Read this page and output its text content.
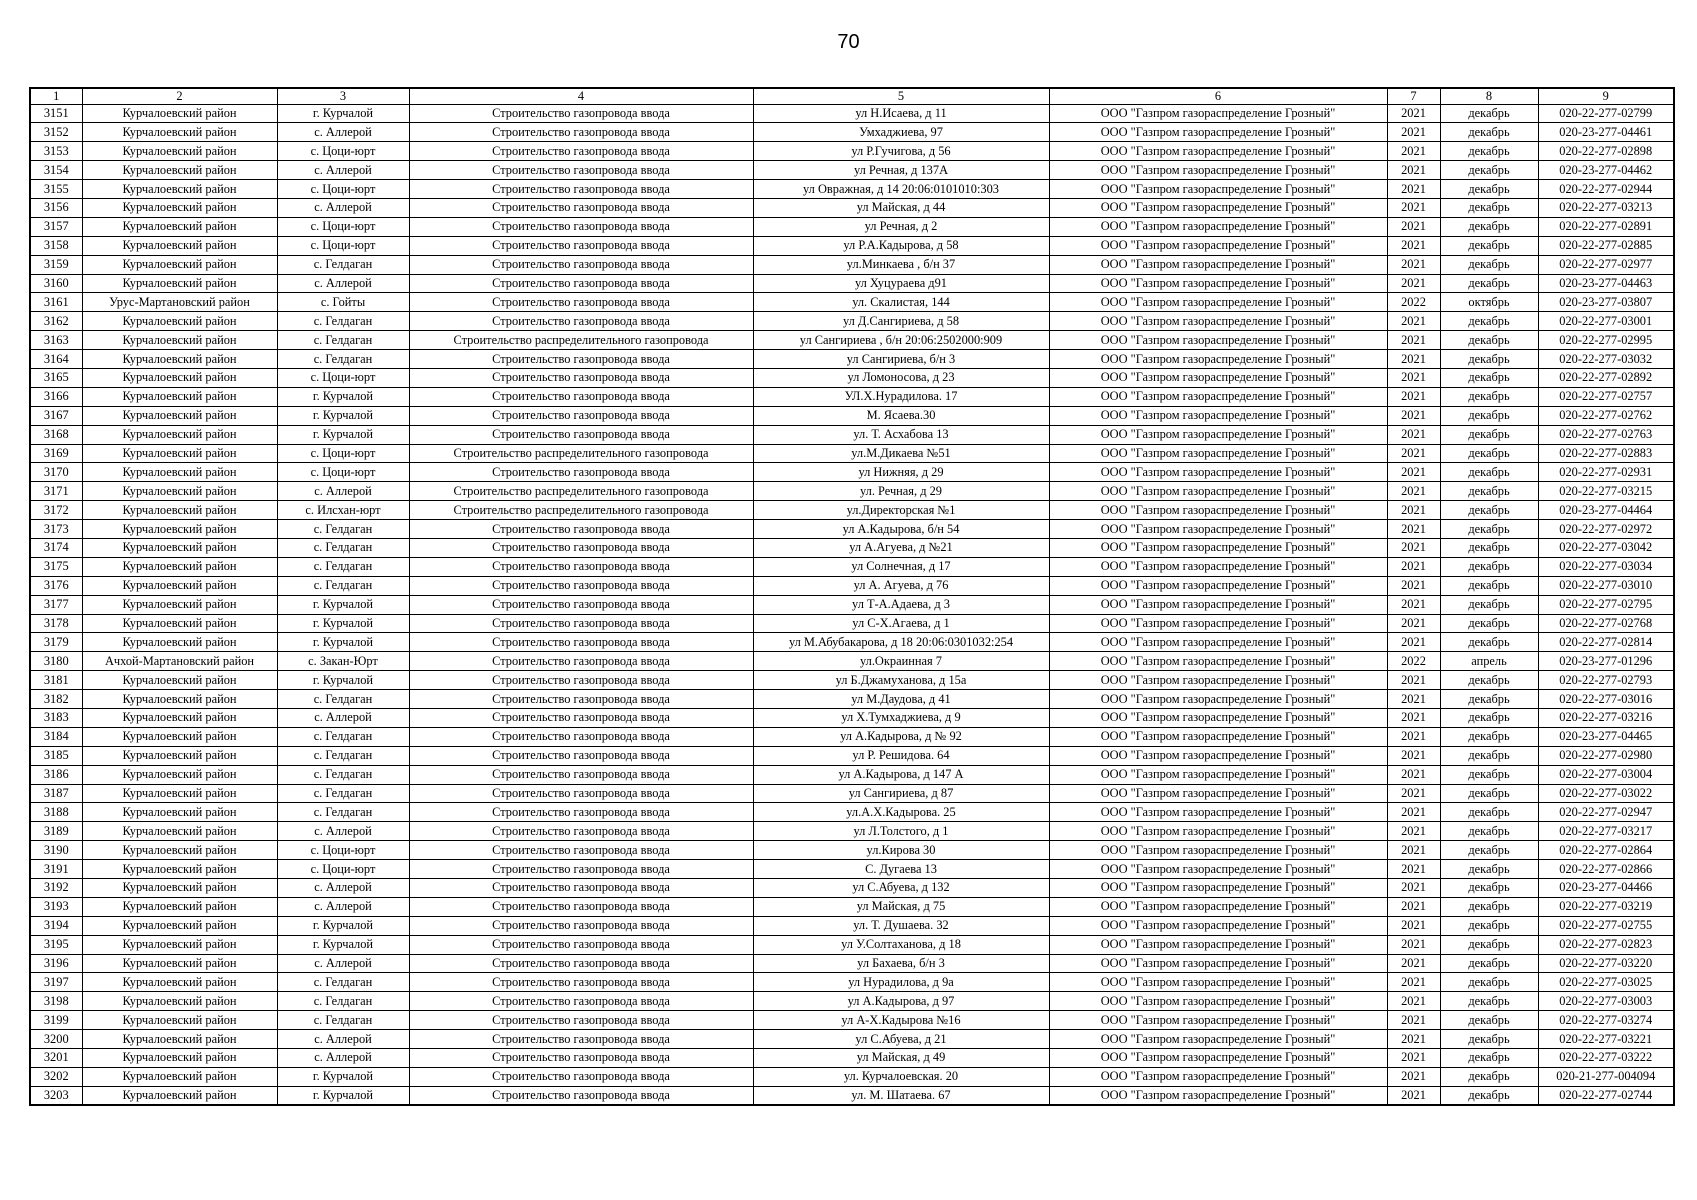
70
1	2	3	4	5	6	7	8	9
3151	Курчалоевский район	г. Курчалой	Строительство газопровода ввода	ул Н.Исаева, д 11	ООО "Газпром газораспределение Грозный"	2021	декабрь	020-22-277-02799
3152	Курчалоевский район	с. Аллерой	Строительство газопровода ввода	Умхаджиева, 97	ООО "Газпром газораспределение Грозный"	2021	декабрь	020-23-277-04461
3153	Курчалоевский район	с. Цоци-юрт	Строительство газопровода ввода	ул Р.Гучигова, д 56	ООО "Газпром газораспределение Грозный"	2021	декабрь	020-22-277-02898
3154	Курчалоевский район	с. Аллерой	Строительство газопровода ввода	ул Речная, д 137А	ООО "Газпром газораспределение Грозный"	2021	декабрь	020-23-277-04462
3155	Курчалоевский район	с. Цоци-юрт	Строительство газопровода ввода	ул Овражная, д 14 20:06:0101010:303	ООО "Газпром газораспределение Грозный"	2021	декабрь	020-22-277-02944
3156	Курчалоевский район	с. Аллерой	Строительство газопровода ввода	ул Майская, д 44	ООО "Газпром газораспределение Грозный"	2021	декабрь	020-22-277-03213
3157	Курчалоевский район	с. Цоци-юрт	Строительство газопровода ввода	ул Речная, д 2	ООО "Газпром газораспределение Грозный"	2021	декабрь	020-22-277-02891
3158	Курчалоевский район	с. Цоци-юрт	Строительство газопровода ввода	ул Р.А.Кадырова, д 58	ООО "Газпром газораспределение Грозный"	2021	декабрь	020-22-277-02885
3159	Курчалоевский район	с. Гелдаган	Строительство газопровода ввода	ул.Минкаева , б/н 37	ООО "Газпром газораспределение Грозный"	2021	декабрь	020-22-277-02977
3160	Курчалоевский район	с. Аллерой	Строительство газопровода ввода	ул Хуцураева д91	ООО "Газпром газораспределение Грозный"	2021	декабрь	020-23-277-04463
3161	Урус-Мартановский район	с. Гойты	Строительство газопровода ввода	ул. Скалистая, 144	ООО "Газпром газораспределение Грозный"	2022	октябрь	020-23-277-03807
3162	Курчалоевский район	с. Гелдаган	Строительство газопровода ввода	ул Д.Сангириева, д 58	ООО "Газпром газораспределение Грозный"	2021	декабрь	020-22-277-03001
3163	Курчалоевский район	с. Гелдаган	Строительство распределительного газопровода	ул Сангириева , б/н 20:06:2502000:909	ООО "Газпром газораспределение Грозный"	2021	декабрь	020-22-277-02995
3164	Курчалоевский район	с. Гелдаган	Строительство газопровода ввода	ул Сангириева, б/н 3	ООО "Газпром газораспределение Грозный"	2021	декабрь	020-22-277-03032
3165	Курчалоевский район	с. Цоци-юрт	Строительство газопровода ввода	ул Ломоносова, д 23	ООО "Газпром газораспределение Грозный"	2021	декабрь	020-22-277-02892
3166	Курчалоевский район	г. Курчалой	Строительство газопровода ввода	УЛ.Х.Нурадилова. 17	ООО "Газпром газораспределение Грозный"	2021	декабрь	020-22-277-02757
3167	Курчалоевский район	г. Курчалой	Строительство газопровода ввода	М. Ясаева.30	ООО "Газпром газораспределение Грозный"	2021	декабрь	020-22-277-02762
3168	Курчалоевский район	г. Курчалой	Строительство газопровода ввода	ул. Т. Асхабова 13	ООО "Газпром газораспределение Грозный"	2021	декабрь	020-22-277-02763
3169	Курчалоевский район	с. Цоци-юрт	Строительство распределительного газопровода	ул.М.Дикаева №51	ООО "Газпром газораспределение Грозный"	2021	декабрь	020-22-277-02883
3170	Курчалоевский район	с. Цоци-юрт	Строительство газопровода ввода	ул Нижняя, д 29	ООО "Газпром газораспределение Грозный"	2021	декабрь	020-22-277-02931
3171	Курчалоевский район	с. Аллерой	Строительство распределительного газопровода	ул. Речная, д 29	ООО "Газпром газораспределение Грозный"	2021	декабрь	020-22-277-03215
3172	Курчалоевский район	с. Илсхан-юрт	Строительство распределительного газопровода	ул.Директорская №1	ООО "Газпром газораспределение Грозный"	2021	декабрь	020-23-277-04464
3173	Курчалоевский район	с. Гелдаган	Строительство газопровода ввода	ул А.Кадырова, б/н 54	ООО "Газпром газораспределение Грозный"	2021	декабрь	020-22-277-02972
3174	Курчалоевский район	с. Гелдаган	Строительство газопровода ввода	ул А.Агуева, д №21	ООО "Газпром газораспределение Грозный"	2021	декабрь	020-22-277-03042
3175	Курчалоевский район	с. Гелдаган	Строительство газопровода ввода	ул Солнечная, д 17	ООО "Газпром газораспределение Грозный"	2021	декабрь	020-22-277-03034
3176	Курчалоевский район	с. Гелдаган	Строительство газопровода ввода	ул А. Агуева, д 76	ООО "Газпром газораспределение Грозный"	2021	декабрь	020-22-277-03010
3177	Курчалоевский район	г. Курчалой	Строительство газопровода ввода	ул Т-А.Адаева, д 3	ООО "Газпром газораспределение Грозный"	2021	декабрь	020-22-277-02795
3178	Курчалоевский район	г. Курчалой	Строительство газопровода ввода	ул С-Х.Агаева, д 1	ООО "Газпром газораспределение Грозный"	2021	декабрь	020-22-277-02768
3179	Курчалоевский район	г. Курчалой	Строительство газопровода ввода	ул М.Абубакарова, д 18 20:06:0301032:254	ООО "Газпром газораспределение Грозный"	2021	декабрь	020-22-277-02814
3180	Ачхой-Мартановский район	с. Закан-Юрт	Строительство газопровода ввода	ул.Окраинная 7	ООО "Газпром газораспределение Грозный"	2022	апрель	020-23-277-01296
3181	Курчалоевский район	г. Курчалой	Строительство газопровода ввода	ул Б.Джамуханова, д 15а	ООО "Газпром газораспределение Грозный"	2021	декабрь	020-22-277-02793
3182	Курчалоевский район	с. Гелдаган	Строительство газопровода ввода	ул М.Даудова, д 41	ООО "Газпром газораспределение Грозный"	2021	декабрь	020-22-277-03016
3183	Курчалоевский район	с. Аллерой	Строительство газопровода ввода	ул Х.Тумхаджиева, д 9	ООО "Газпром газораспределение Грозный"	2021	декабрь	020-22-277-03216
3184	Курчалоевский район	с. Гелдаган	Строительство газопровода ввода	ул А.Кадырова, д № 92	ООО "Газпром газораспределение Грозный"	2021	декабрь	020-23-277-04465
3185	Курчалоевский район	с. Гелдаган	Строительство газопровода ввода	ул Р. Решидова. 64	ООО "Газпром газораспределение Грозный"	2021	декабрь	020-22-277-02980
3186	Курчалоевский район	с. Гелдаган	Строительство газопровода ввода	ул А.Кадырова, д 147 А	ООО "Газпром газораспределение Грозный"	2021	декабрь	020-22-277-03004
3187	Курчалоевский район	с. Гелдаган	Строительство газопровода ввода	ул Сангириева, д 87	ООО "Газпром газораспределение Грозный"	2021	декабрь	020-22-277-03022
3188	Курчалоевский район	с. Гелдаган	Строительство газопровода ввода	ул.А.Х.Кадырова. 25	ООО "Газпром газораспределение Грозный"	2021	декабрь	020-22-277-02947
3189	Курчалоевский район	с. Аллерой	Строительство газопровода ввода	ул Л.Толстого, д 1	ООО "Газпром газораспределение Грозный"	2021	декабрь	020-22-277-03217
3190	Курчалоевский район	с. Цоци-юрт	Строительство газопровода ввода	ул.Кирова 30	ООО "Газпром газораспределение Грозный"	2021	декабрь	020-22-277-02864
3191	Курчалоевский район	с. Цоци-юрт	Строительство газопровода ввода	С. Дугаева 13	ООО "Газпром газораспределение Грозный"	2021	декабрь	020-22-277-02866
3192	Курчалоевский район	с. Аллерой	Строительство газопровода ввода	ул С.Абуева, д 132	ООО "Газпром газораспределение Грозный"	2021	декабрь	020-23-277-04466
3193	Курчалоевский район	с. Аллерой	Строительство газопровода ввода	ул Майская, д 75	ООО "Газпром газораспределение Грозный"	2021	декабрь	020-22-277-03219
3194	Курчалоевский район	г. Курчалой	Строительство газопровода ввода	ул. Т. Душаева. 32	ООО "Газпром газораспределение Грозный"	2021	декабрь	020-22-277-02755
3195	Курчалоевский район	г. Курчалой	Строительство газопровода ввода	ул У.Солтаханова, д 18	ООО "Газпром газораспределение Грозный"	2021	декабрь	020-22-277-02823
3196	Курчалоевский район	с. Аллерой	Строительство газопровода ввода	ул Бахаева, б/н 3	ООО "Газпром газораспределение Грозный"	2021	декабрь	020-22-277-03220
3197	Курчалоевский район	с. Гелдаган	Строительство газопровода ввода	ул Нурадилова, д 9а	ООО "Газпром газораспределение Грозный"	2021	декабрь	020-22-277-03025
3198	Курчалоевский район	с. Гелдаган	Строительство газопровода ввода	ул А.Кадырова, д 97	ООО "Газпром газораспределение Грозный"	2021	декабрь	020-22-277-03003
3199	Курчалоевский район	с. Гелдаган	Строительство газопровода ввода	ул А-Х.Кадырова №16	ООО "Газпром газораспределение Грозный"	2021	декабрь	020-22-277-03274
3200	Курчалоевский район	с. Аллерой	Строительство газопровода ввода	ул С.Абуева, д 21	ООО "Газпром газораспределение Грозный"	2021	декабрь	020-22-277-03221
3201	Курчалоевский район	с. Аллерой	Строительство газопровода ввода	ул Майская, д 49	ООО "Газпром газораспределение Грозный"	2021	декабрь	020-22-277-03222
3202	Курчалоевский район	г. Курчалой	Строительство газопровода ввода	ул. Курчалоевская. 20	ООО "Газпром газораспределение Грозный"	2021	декабрь	020-21-277-004094
3203	Курчалоевский район	г. Курчалой	Строительство газопровода ввода	ул. М. Шатаева. 67	ООО "Газпром газораспределение Грозный"	2021	декабрь	020-22-277-02744
